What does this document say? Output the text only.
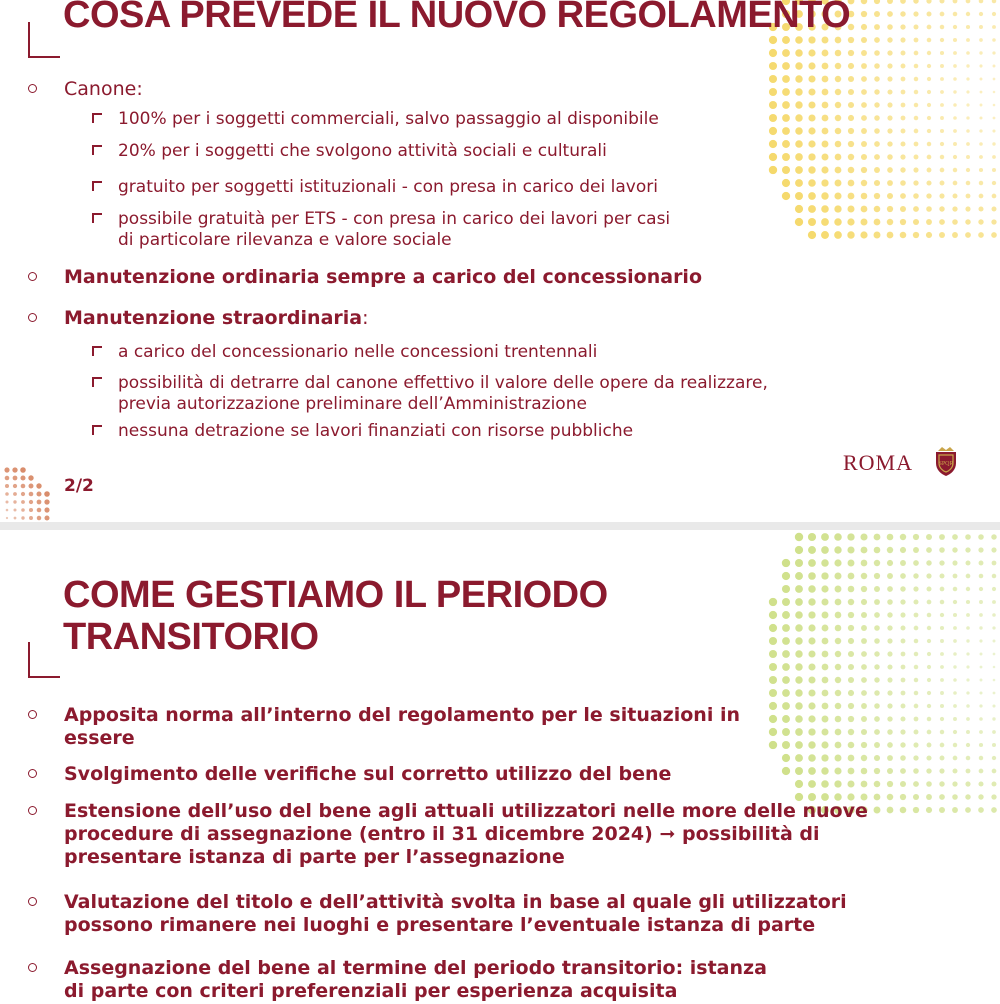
COSA PREVEDE IL NUOVO REGOLAMENTO
Canone:
100% per i soggetti commerciali, salvo passaggio al disponibile
20% per i soggetti che svolgono attività sociali e culturali
gratuito per soggetti istituzionali - con presa in carico dei lavori
possibile gratuità per ETS - con presa in carico dei lavori per casi
di particolare rilevanza e valore sociale
Manutenzione ordinaria sempre a carico del concessionario
Manutenzione straordinaria:
a carico del concessionario nelle concessioni trentennali
possibilità di detrarre dal canone effettivo il valore delle opere da realizzare,
previa autorizzazione preliminare dell’Amministrazione
nessuna detrazione se lavori finanziati con risorse pubbliche
2/2
ROMA	SPQR
COME GESTIAMO IL PERIODO
TRANSITORIO
Apposita norma all’interno del regolamento per le situazioni in
essere
Svolgimento delle verifiche sul corretto utilizzo del bene
Estensione dell’uso del bene agli attuali utilizzatori nelle more delle nuove
procedure di assegnazione (entro il 31 dicembre 2024) ➞ possibilità di
presentare istanza di parte per l’assegnazione
Valutazione del titolo e dell’attività svolta in base al quale gli utilizzatori
possono rimanere nei luoghi e presentare l’eventuale istanza di parte
Assegnazione del bene al termine del periodo transitorio: istanza
di parte con criteri preferenziali per esperienza acquisita
